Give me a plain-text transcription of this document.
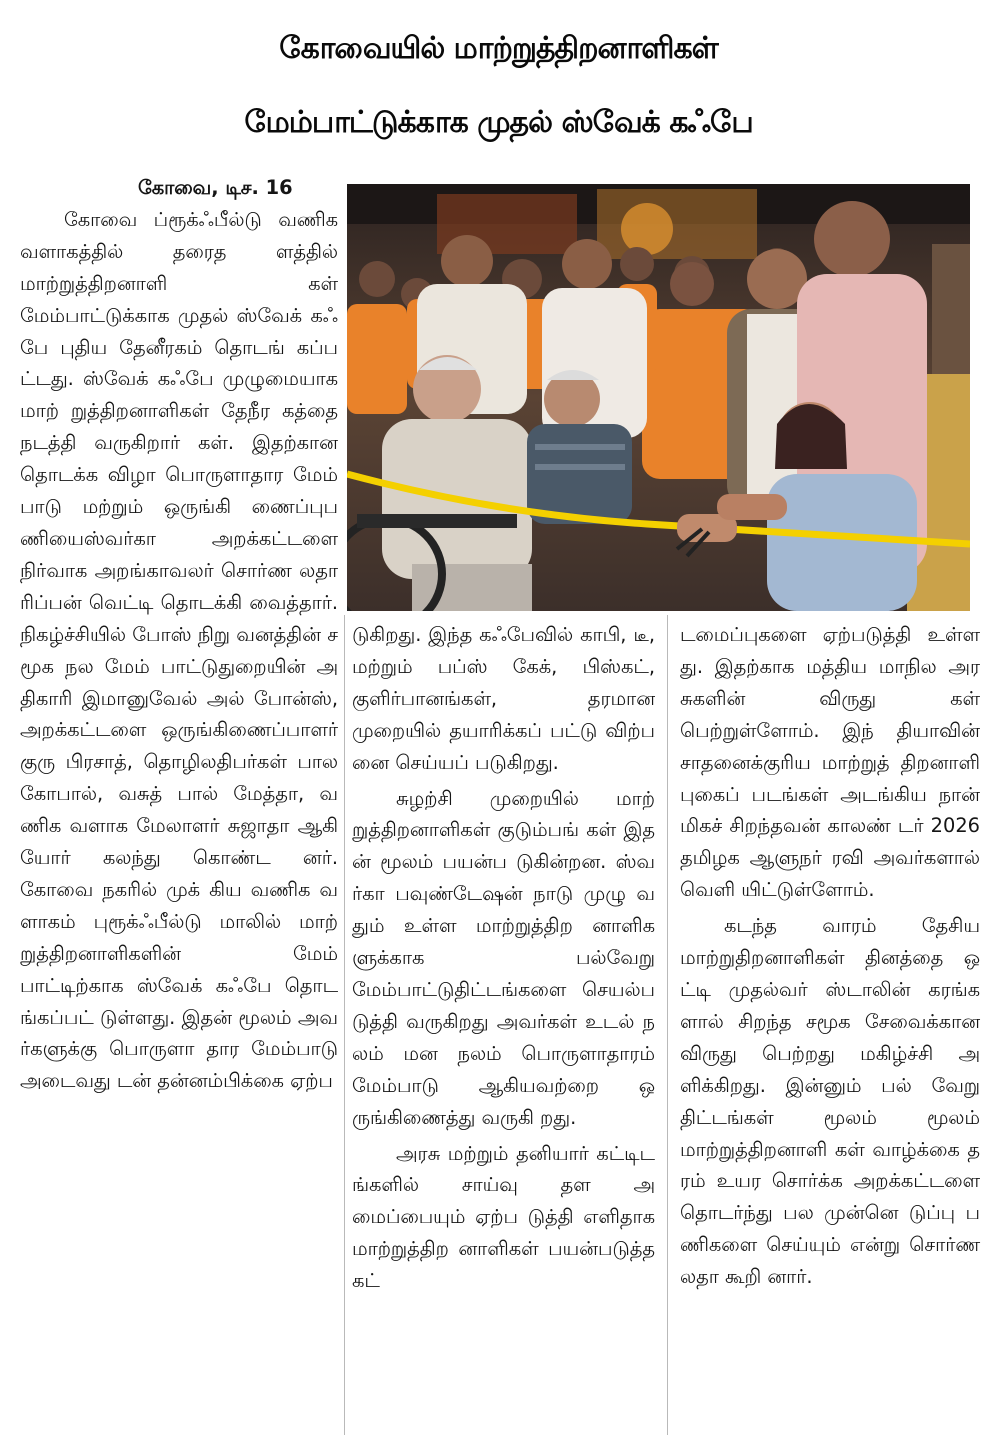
கோவையில் மாற்றுத்திறனாளிகள்
மேம்பாட்டுக்காக முதல் ஸ்வேக் கஃபே

கோவை, டிச. 16

கோவை ப்ரூக்ஃபீல்டு வணிக வளாகத்தில் தரைத ளத்தில் மாற்றுத்திறனாளி கள் மேம்பாட்டுக்காக முதல் ஸ்வேக் கஃபே புதிய தேனீரகம் தொடங் கப்பட்டது. ஸ்வேக் கஃபே முழுமையாக மாற் றுத்திறனாளிகள் தேநீர கத்தை நடத்தி வருகிறார் கள். இதற்கான தொடக்க விழா பொருளாதார மேம் பாடு மற்றும் ஒருங்கி ணைப்புபணியைஸ்வர்கா அறக்கட்டளை நிர்வாக அறங்காவலர் சொர்ண லதா ரிப்பன் வெட்டி தொடக்கி வைத்தார். நிகழ்ச்சியில் போஸ் நிறு வனத்தின் சமூக நல மேம் பாட்டுதுறையின் அதிகாரி இமானுவேல் அல் போன்ஸ், அறக்கட்டளை ஒருங்கிணைப்பாளர் குரு பிரசாத், தொழிலதிபர்கள் பாலகோபால், வசுத் பால் மேத்தா, வணிக வளாக மேலாளர் சுஜாதா ஆகி யோர் கலந்து கொண்ட னர். கோவை நகரில் முக் கிய வணிக வளாகம் புரூக்ஃபீல்டு மாலில் மாற் றுத்திறனாளிகளின் மேம் பாட்டிற்காக ஸ்வேக் கஃபே தொடங்கப்பட் டுள்ளது. இதன் மூலம் அவர்களுக்கு பொருளா தார மேம்பாடு அடைவது டன் தன்னம்பிக்கை ஏற்ப

டுகிறது. இந்த கஃபேவில் காபி, டீ, மற்றும் பப்ஸ் கேக், பிஸ்கட், குளிர்பானங்கள், தரமான முறையில் தயாரிக்கப் பட்டு விற்பனை செய்யப் படுகிறது.

சுழற்சி முறையில் மாற் றுத்திறனாளிகள் குடும்பங் கள் இதன் மூலம் பயன்ப டுகின்றன. ஸ்வர்கா பவுண்டேஷன் நாடு முழு வதும் உள்ள மாற்றுத்திற னாளிகளுக்காக பல்வேறு மேம்பாட்டுதிட்டங்களை செயல்படுத்தி வருகிறது அவர்கள் உடல் நலம் மன நலம் பொருளாதாரம் மேம்பாடு ஆகியவற்றை ஒருங்கிணைத்து வருகி றது.

அரசு மற்றும் தனியார் கட்டிடங்களில் சாய்வு தள அமைப்பையும் ஏற்ப டுத்தி எளிதாக மாற்றுத்திற னாளிகள் பயன்படுத்த கட்

டமைப்புகளை ஏற்படுத்தி உள்ளது. இதற்காக மத்திய மாநில அரசுகளின் விருது கள் பெற்றுள்ளோம். இந் தியாவின் சாதனைக்குரிய மாற்றுத் திறனாளி புகைப் படங்கள் அடங்கிய நான் மிகச் சிறந்தவன் காலண் டர் 2026 தமிழக ஆளுநர் ரவி அவர்களால் வெளி யிட்டுள்ளோம்.

கடந்த வாரம் தேசிய மாற்றுதிறனாளிகள் தினத்தை ஒட்டி முதல்வர் ஸ்டாலின் கரங்களால் சிறந்த சமூக சேவைக்கான விருது பெற்றது மகிழ்ச்சி அளிக்கிறது. இன்னும் பல் வேறு திட்டங்கள் மூலம் மூலம் மாற்றுத்திறனாளி கள் வாழ்க்கை தரம் உயர சொர்க்க அறக்கட்டளை தொடர்ந்து பல முன்னெ டுப்பு பணிகளை செய்யும் என்று சொர்ணலதா கூறி னார்.
